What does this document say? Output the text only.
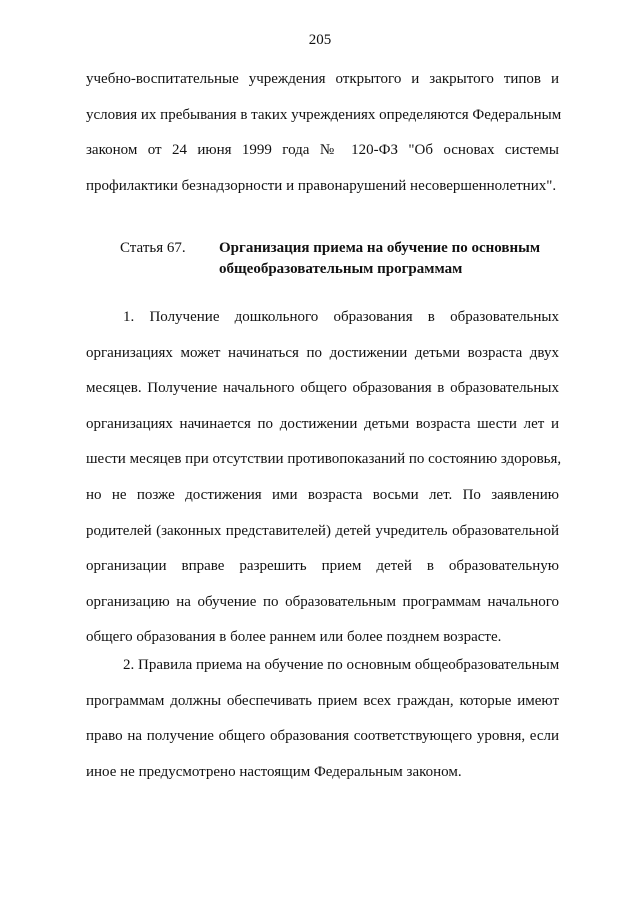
205
учебно-воспитательные учреждения открытого и закрытого типов и
условия их пребывания в таких учреждениях определяются Федеральным
законом от 24 июня 1999 года № 120-ФЗ "Об основах системы
профилактики безнадзорности и правонарушений несовершеннолетних".
Статья 67. Организация приема на обучение по основным
общеобразовательным программам
1. Получение дошкольного образования в образовательных
организациях может начинаться по достижении детьми возраста двух
месяцев. Получение начального общего образования в образовательных
организациях начинается по достижении детьми возраста шести лет и
шести месяцев при отсутствии противопоказаний по состоянию здоровья,
но не позже достижения ими возраста восьми лет. По заявлению
родителей (законных представителей) детей учредитель образовательной
организации вправе разрешить прием детей в образовательную
организацию на обучение по образовательным программам начального
общего образования в более раннем или более позднем возрасте.
2. Правила приема на обучение по основным общеобразовательным
программам должны обеспечивать прием всех граждан, которые имеют
право на получение общего образования соответствующего уровня, если
иное не предусмотрено настоящим Федеральным законом.
